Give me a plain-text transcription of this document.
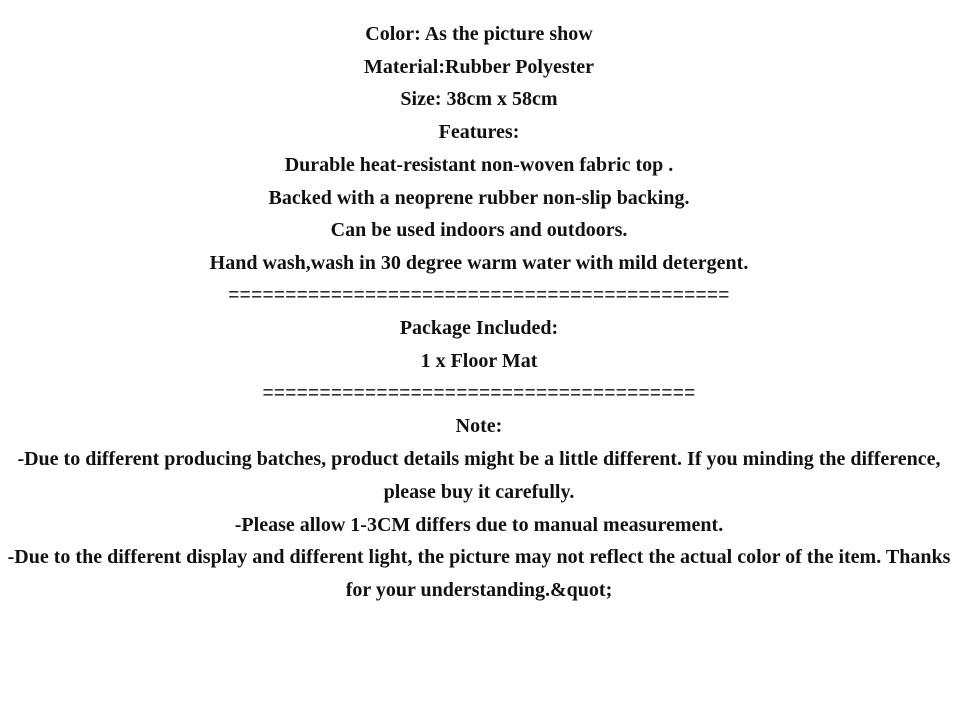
Color: As the picture show
Material:Rubber Polyester
Size: 38cm x 58cm
Features:
Durable heat-resistant non-woven fabric top .
Backed with a neoprene rubber non-slip backing.
Can be used indoors and outdoors.
Hand wash,wash in 30 degree warm water with mild detergent.
============================================
Package Included:
1 x Floor Mat
======================================
Note:
-Due to different producing batches, product details might be a little different. If you minding the difference, please buy it carefully.
-Please allow 1-3CM differs due to manual measurement.
-Due to the different display and different light, the picture may not reflect the actual color of the item. Thanks for your understanding.&quot;
